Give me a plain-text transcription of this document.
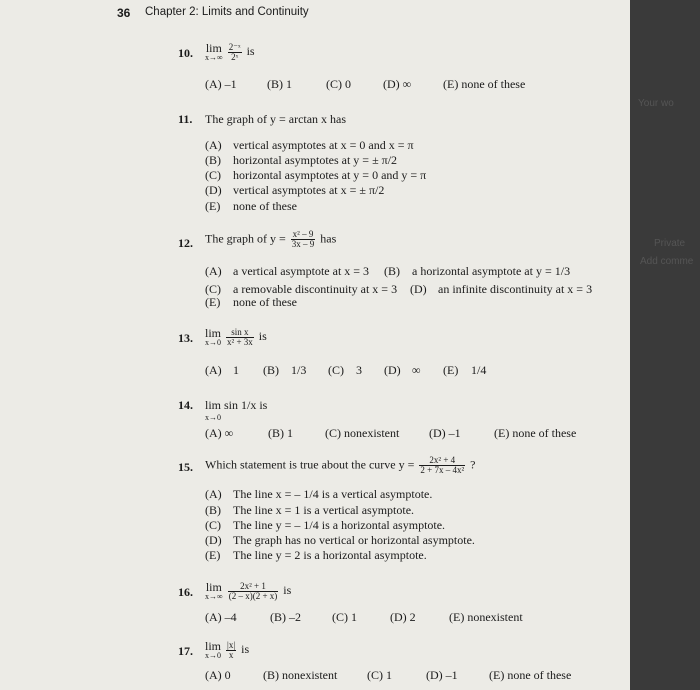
36 Chapter 2: Limits and Continuity
10. lim
x→∞
$\frac{\text{2⁻ˣ}}{\text{2ˣ}}$ is
(A) –1	(B) 1	(C) 0	(D) ∞	(E) none of these
11. The graph of y = arctan x has
(A) vertical asymptotes at x = 0 and x = π
(B) horizontal asymptotes at y = ± π/2
(C) horizontal asymptotes at y = 0 and y = π
(D) vertical asymptotes at x = ± π/2
(E) none of these
12. The graph of $y = \frac{\text{x² – 9}}{3x - 9}$ has
(A) a vertical asymptote at x = 3 (B) a horizontal asymptote at y = 1/3
(C) a removable discontinuity at x = 3 (D) an infinite discontinuity at x = 3
(E) none of these
13. lim
x→0
$\frac{\text{sin x}}{\text{x² + 3x}}$ is
(A) 1 (B) 1/3 (C) 3 (D) ∞ (E) 1/4
14. lim sin 1/x is
x→0
(A) ∞	(B) 1	(C) nonexistent (D) –1	(E) none of these
15. Which statement is true about the curve $y = \frac{\text{2x² + 4}}{\text{2 + 7x – 4x²}}$ ?
(A) The line x = – 1/4 is a vertical asymptote.
(B) The line x = 1 is a vertical asymptote.
(C) The line y = – 1/4 is a horizontal asymptote.
(D) The graph has no vertical or horizontal asymptote.
(E) The line y = 2 is a horizontal asymptote.
16. lim
x→∞
$\frac{\text{2x² + 1}}{(2 - x)(2 + x)}$ is
(A) –4	(B) –2	(C) 1	(D) 2	(E) nonexistent
17. lim
x→0
$\frac{|x|}{x}$ is
(A) 0	(B) nonexistent (C) 1	(D) –1	(E) none of these
Your wo
Private
Add comme
